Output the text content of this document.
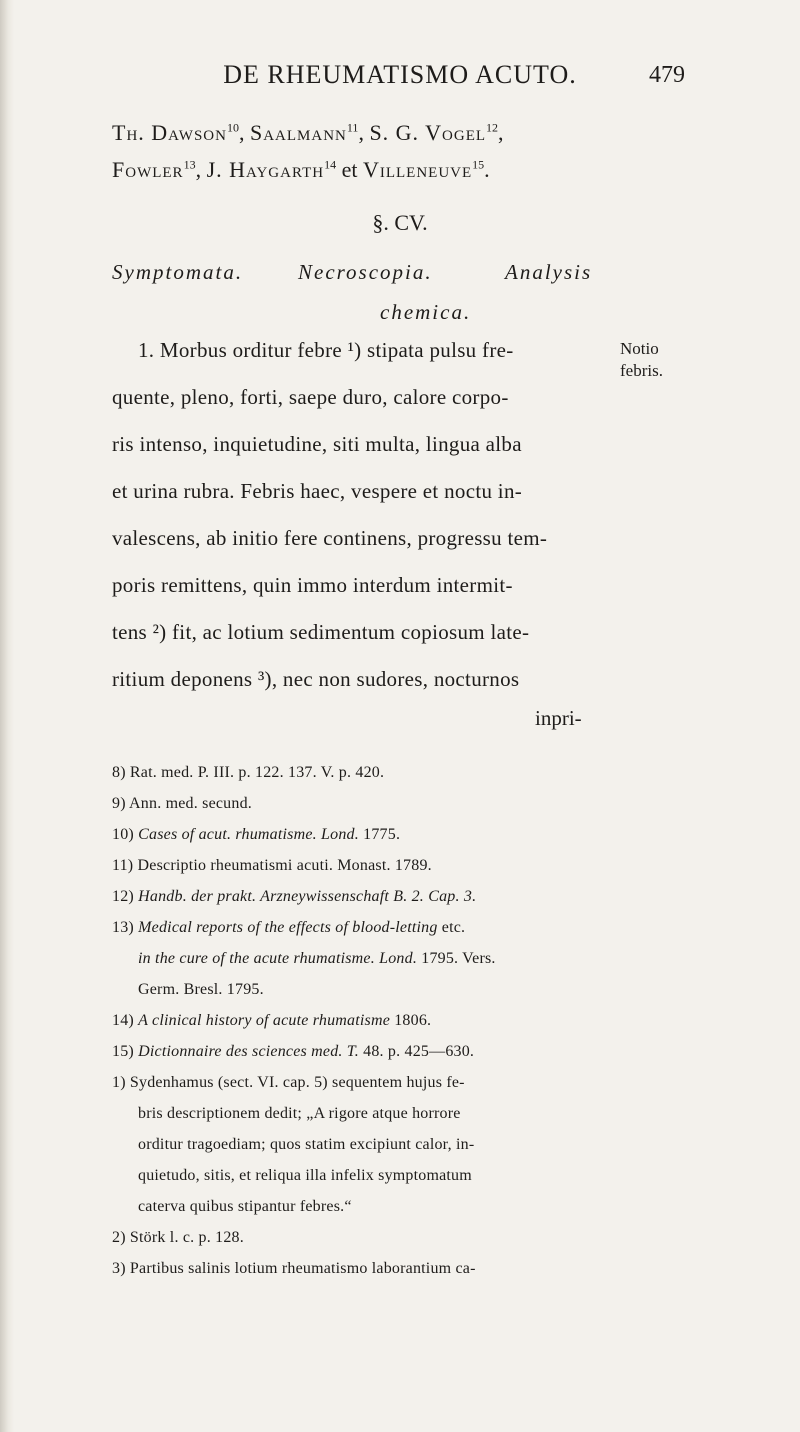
DE RHEUMATISMO ACUTO.	479
Th. Dawson$^{10}$, Saalmann$^{11}$, S. G. Vogel$^{12}$,
Fowler$^{13}$, J. Haygarth$^{14}$ et Villeneuve$^{15}$.
§. CV.
Symptomata.	Necroscopia.	Analysis
chemica.
1. Morbus orditur febre ¹) stipata pulsu fre-
quente, pleno, forti, saepe duro, calore corpo-
ris intenso, inquietudine, siti multa, lingua alba
et urina rubra. Febris haec, vespere et noctu in-
valescens, ab initio fere continens, progressu tem-
poris remittens, quin immo interdum intermit-
tens ²) fit, ac lotium sedimentum copiosum late-
ritium deponens ³), nec non sudores, nocturnos
inpri-
Notio febris.
8) Rat. med. P. III. p. 122. 137. V. p. 420.
9) Ann. med. secund.
10) Cases of acut. rhumatisme. Lond. 1775.
11) Descriptio rheumatismi acuti. Monast. 1789.
12) Handb. der prakt. Arzneywissenschaft B. 2. Cap. 3.
13) Medical reports of the effects of blood-letting etc.
in the cure of the acute rhumatisme. Lond. 1795. Vers.
Germ. Bresl. 1795.
14) A clinical history of acute rhumatisme 1806.
15) Dictionnaire des sciences med. T. 48. p. 425—630.
1) Sydenhamus (sect. VI. cap. 5) sequentem hujus fe-
bris descriptionem dedit; „A rigore atque horrore
orditur tragoediam; quos statim excipiunt calor, in-
quietudo, sitis, et reliqua illa infelix symptomatum
caterva quibus stipantur febres.“
2) Störk l. c. p. 128.
3) Partibus salinis lotium rheumatismo laborantium ca-
